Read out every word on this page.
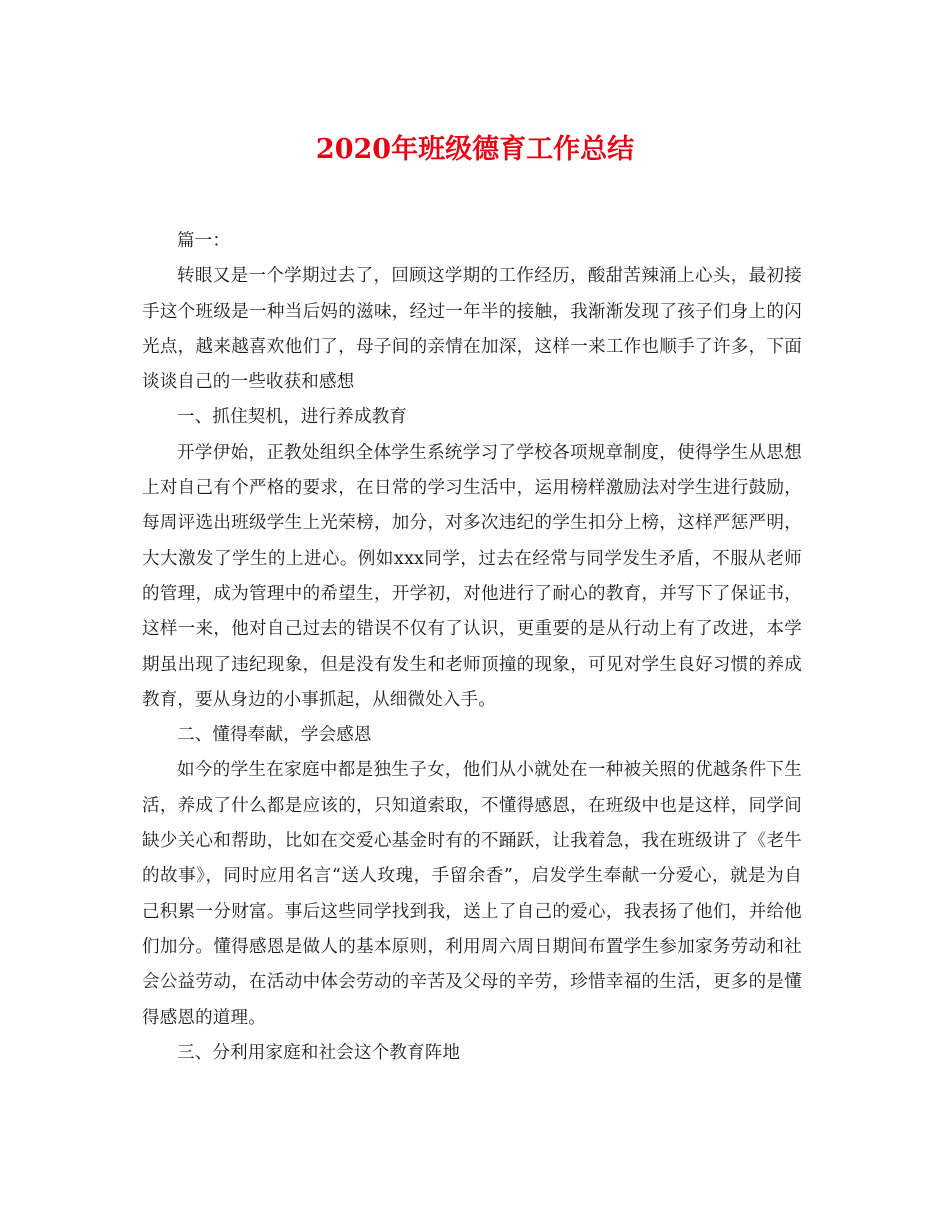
2020年班级德育工作总结

篇一：

转眼又是一个学期过去了，回顾这学期的工作经历，酸甜苦辣涌上心头，最初接手这个班级是一种当后妈的滋味，经过一年半的接触，我渐渐发现了孩子们身上的闪光点，越来越喜欢他们了，母子间的亲情在加深，这样一来工作也顺手了许多，下面谈谈自己的一些收获和感想

一、抓住契机，进行养成教育

开学伊始，正教处组织全体学生系统学习了学校各项规章制度，使得学生从思想上对自己有个严格的要求，在日常的学习生活中，运用榜样激励法对学生进行鼓励，每周评选出班级学生上光荣榜，加分，对多次违纪的学生扣分上榜，这样严惩严明，大大激发了学生的上进心。例如xxx同学，过去在经常与同学发生矛盾，不服从老师的管理，成为管理中的希望生，开学初，对他进行了耐心的教育，并写下了保证书，这样一来，他对自己过去的错误不仅有了认识，更重要的是从行动上有了改进，本学期虽出现了违纪现象，但是没有发生和老师顶撞的现象，可见对学生良好习惯的养成教育，要从身边的小事抓起，从细微处入手。

二、懂得奉献，学会感恩

如今的学生在家庭中都是独生子女，他们从小就处在一种被关照的优越条件下生活，养成了什么都是应该的，只知道索取，不懂得感恩，在班级中也是这样，同学间缺少关心和帮助，比如在交爱心基金时有的不踊跃，让我着急，我在班级讲了《老牛的故事》，同时应用名言“送人玫瑰，手留余香”，启发学生奉献一分爱心，就是为自己积累一分财富。事后这些同学找到我，送上了自己的爱心，我表扬了他们，并给他们加分。懂得感恩是做人的基本原则，利用周六周日期间布置学生参加家务劳动和社会公益劳动，在活动中体会劳动的辛苦及父母的辛劳，珍惜幸福的生活，更多的是懂得感恩的道理。

三、分利用家庭和社会这个教育阵地
